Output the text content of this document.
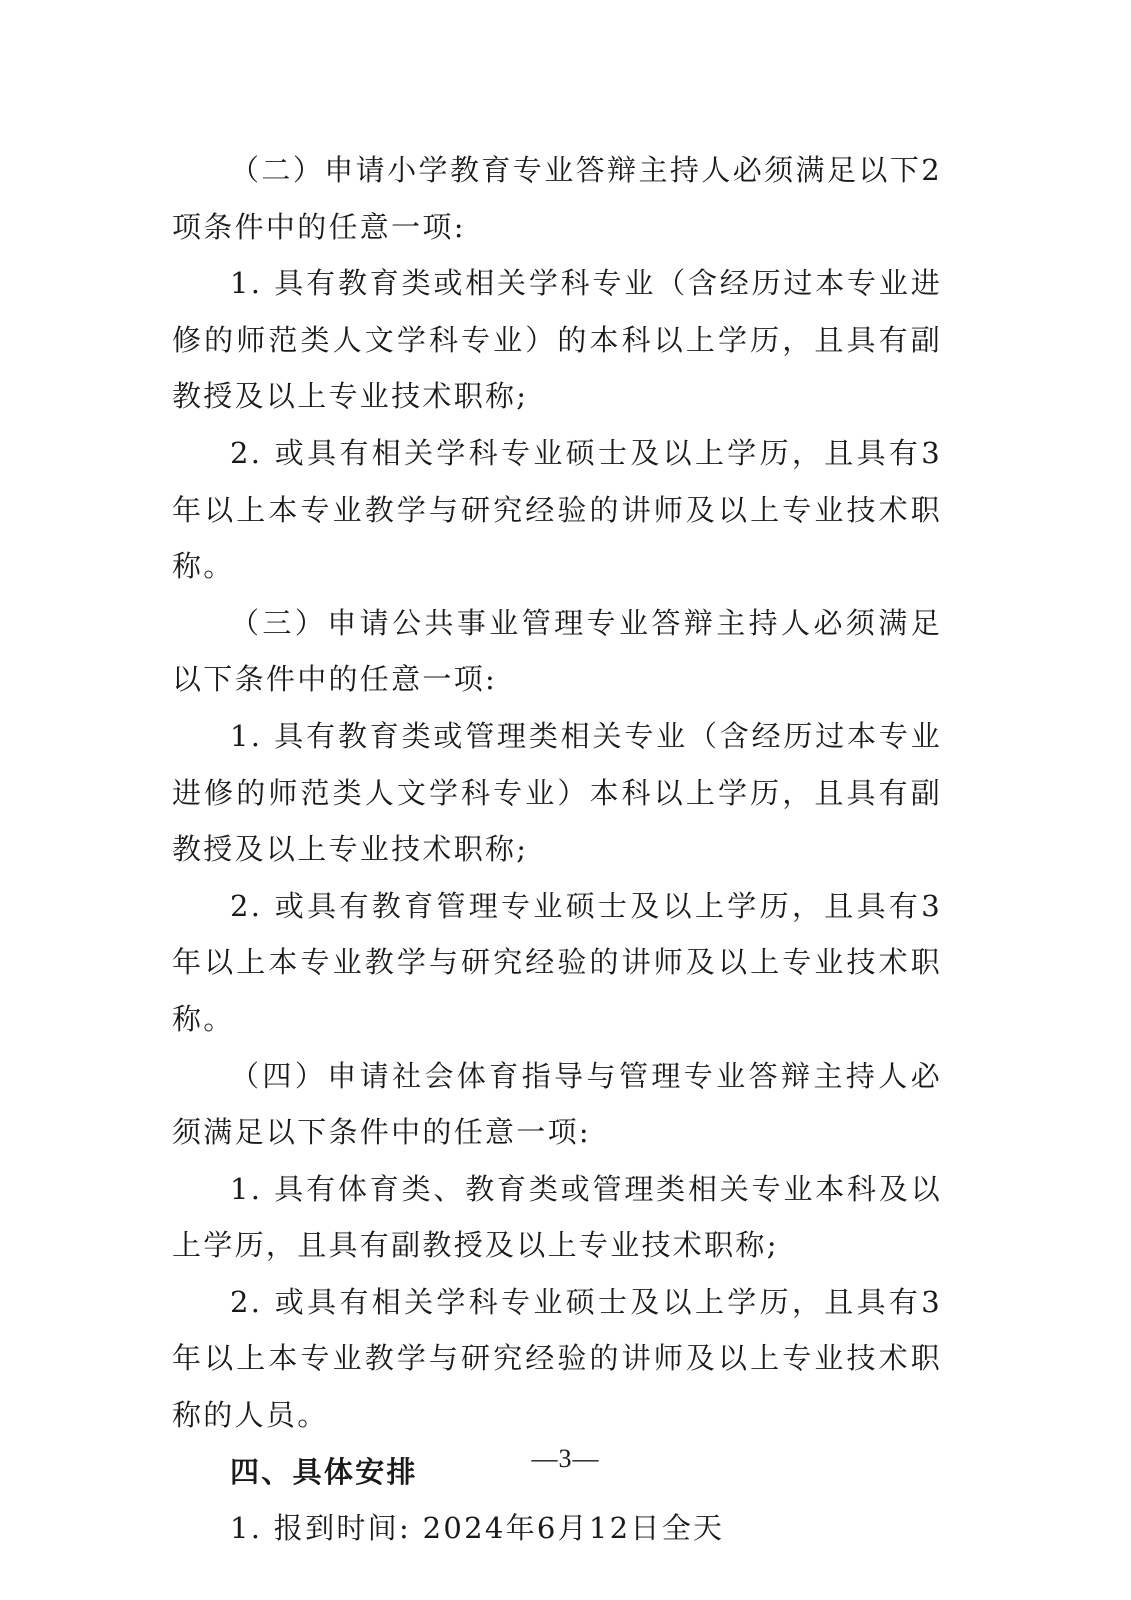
（二）申请小学教育专业答辩主持人必须满足以下2项条件中的任意一项:

1. 具有教育类或相关学科专业（含经历过本专业进修的师范类人文学科专业）的本科以上学历，且具有副教授及以上专业技术职称;

2. 或具有相关学科专业硕士及以上学历，且具有3年以上本专业教学与研究经验的讲师及以上专业技术职称。

（三）申请公共事业管理专业答辩主持人必须满足以下条件中的任意一项:

1. 具有教育类或管理类相关专业（含经历过本专业进修的师范类人文学科专业）本科以上学历，且具有副教授及以上专业技术职称;

2. 或具有教育管理专业硕士及以上学历，且具有3年以上本专业教学与研究经验的讲师及以上专业技术职称。

（四）申请社会体育指导与管理专业答辩主持人必须满足以下条件中的任意一项:

1. 具有体育类、教育类或管理类相关专业本科及以上学历，且具有副教授及以上专业技术职称;

2. 或具有相关学科专业硕士及以上学历，且具有3年以上本专业教学与研究经验的讲师及以上专业技术职称的人员。

四、具体安排

1. 报到时间: 2024年6月12日全天

—3—
